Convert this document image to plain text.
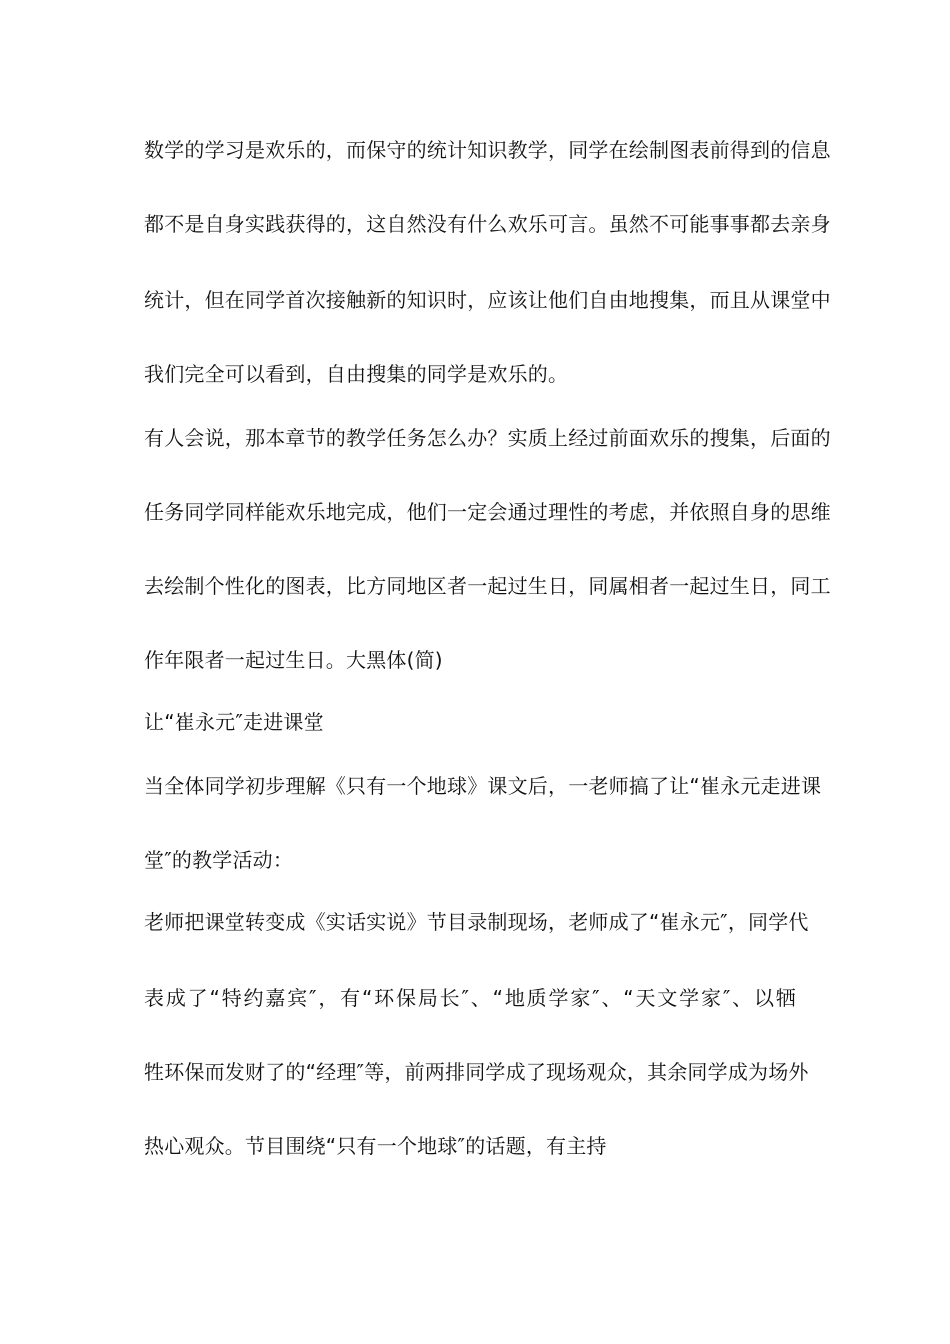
数学的学习是欢乐的，而保守的统计知识教学，同学在绘制图表前得到的信息
都不是自身实践获得的，这自然没有什么欢乐可言。虽然不可能事事都去亲身
统计，但在同学首次接触新的知识时，应该让他们自由地搜集，而且从课堂中
我们完全可以看到，自由搜集的同学是欢乐的。
有人会说，那本章节的教学任务怎么办？实质上经过前面欢乐的搜集，后面的
任务同学同样能欢乐地完成，他们一定会通过理性的考虑，并依照自身的思维
去绘制个性化的图表，比方同地区者一起过生日，同属相者一起过生日，同工
作年限者一起过生日。大黑体(简)
让“崔永元″走进课堂
当全体同学初步理解《只有一个地球》课文后，一老师搞了让“崔永元走进课
堂″的教学活动：
老师把课堂转变成《实话实说》节目录制现场，老师成了“崔永元″，同学代
表成了“特约嘉宾″，有“环保局长″、“地质学家″、“天文学家″、以牺
牲环保而发财了的“经理″等，前两排同学成了现场观众，其余同学成为场外
热心观众。节目围绕“只有一个地球″的话题，有主持
